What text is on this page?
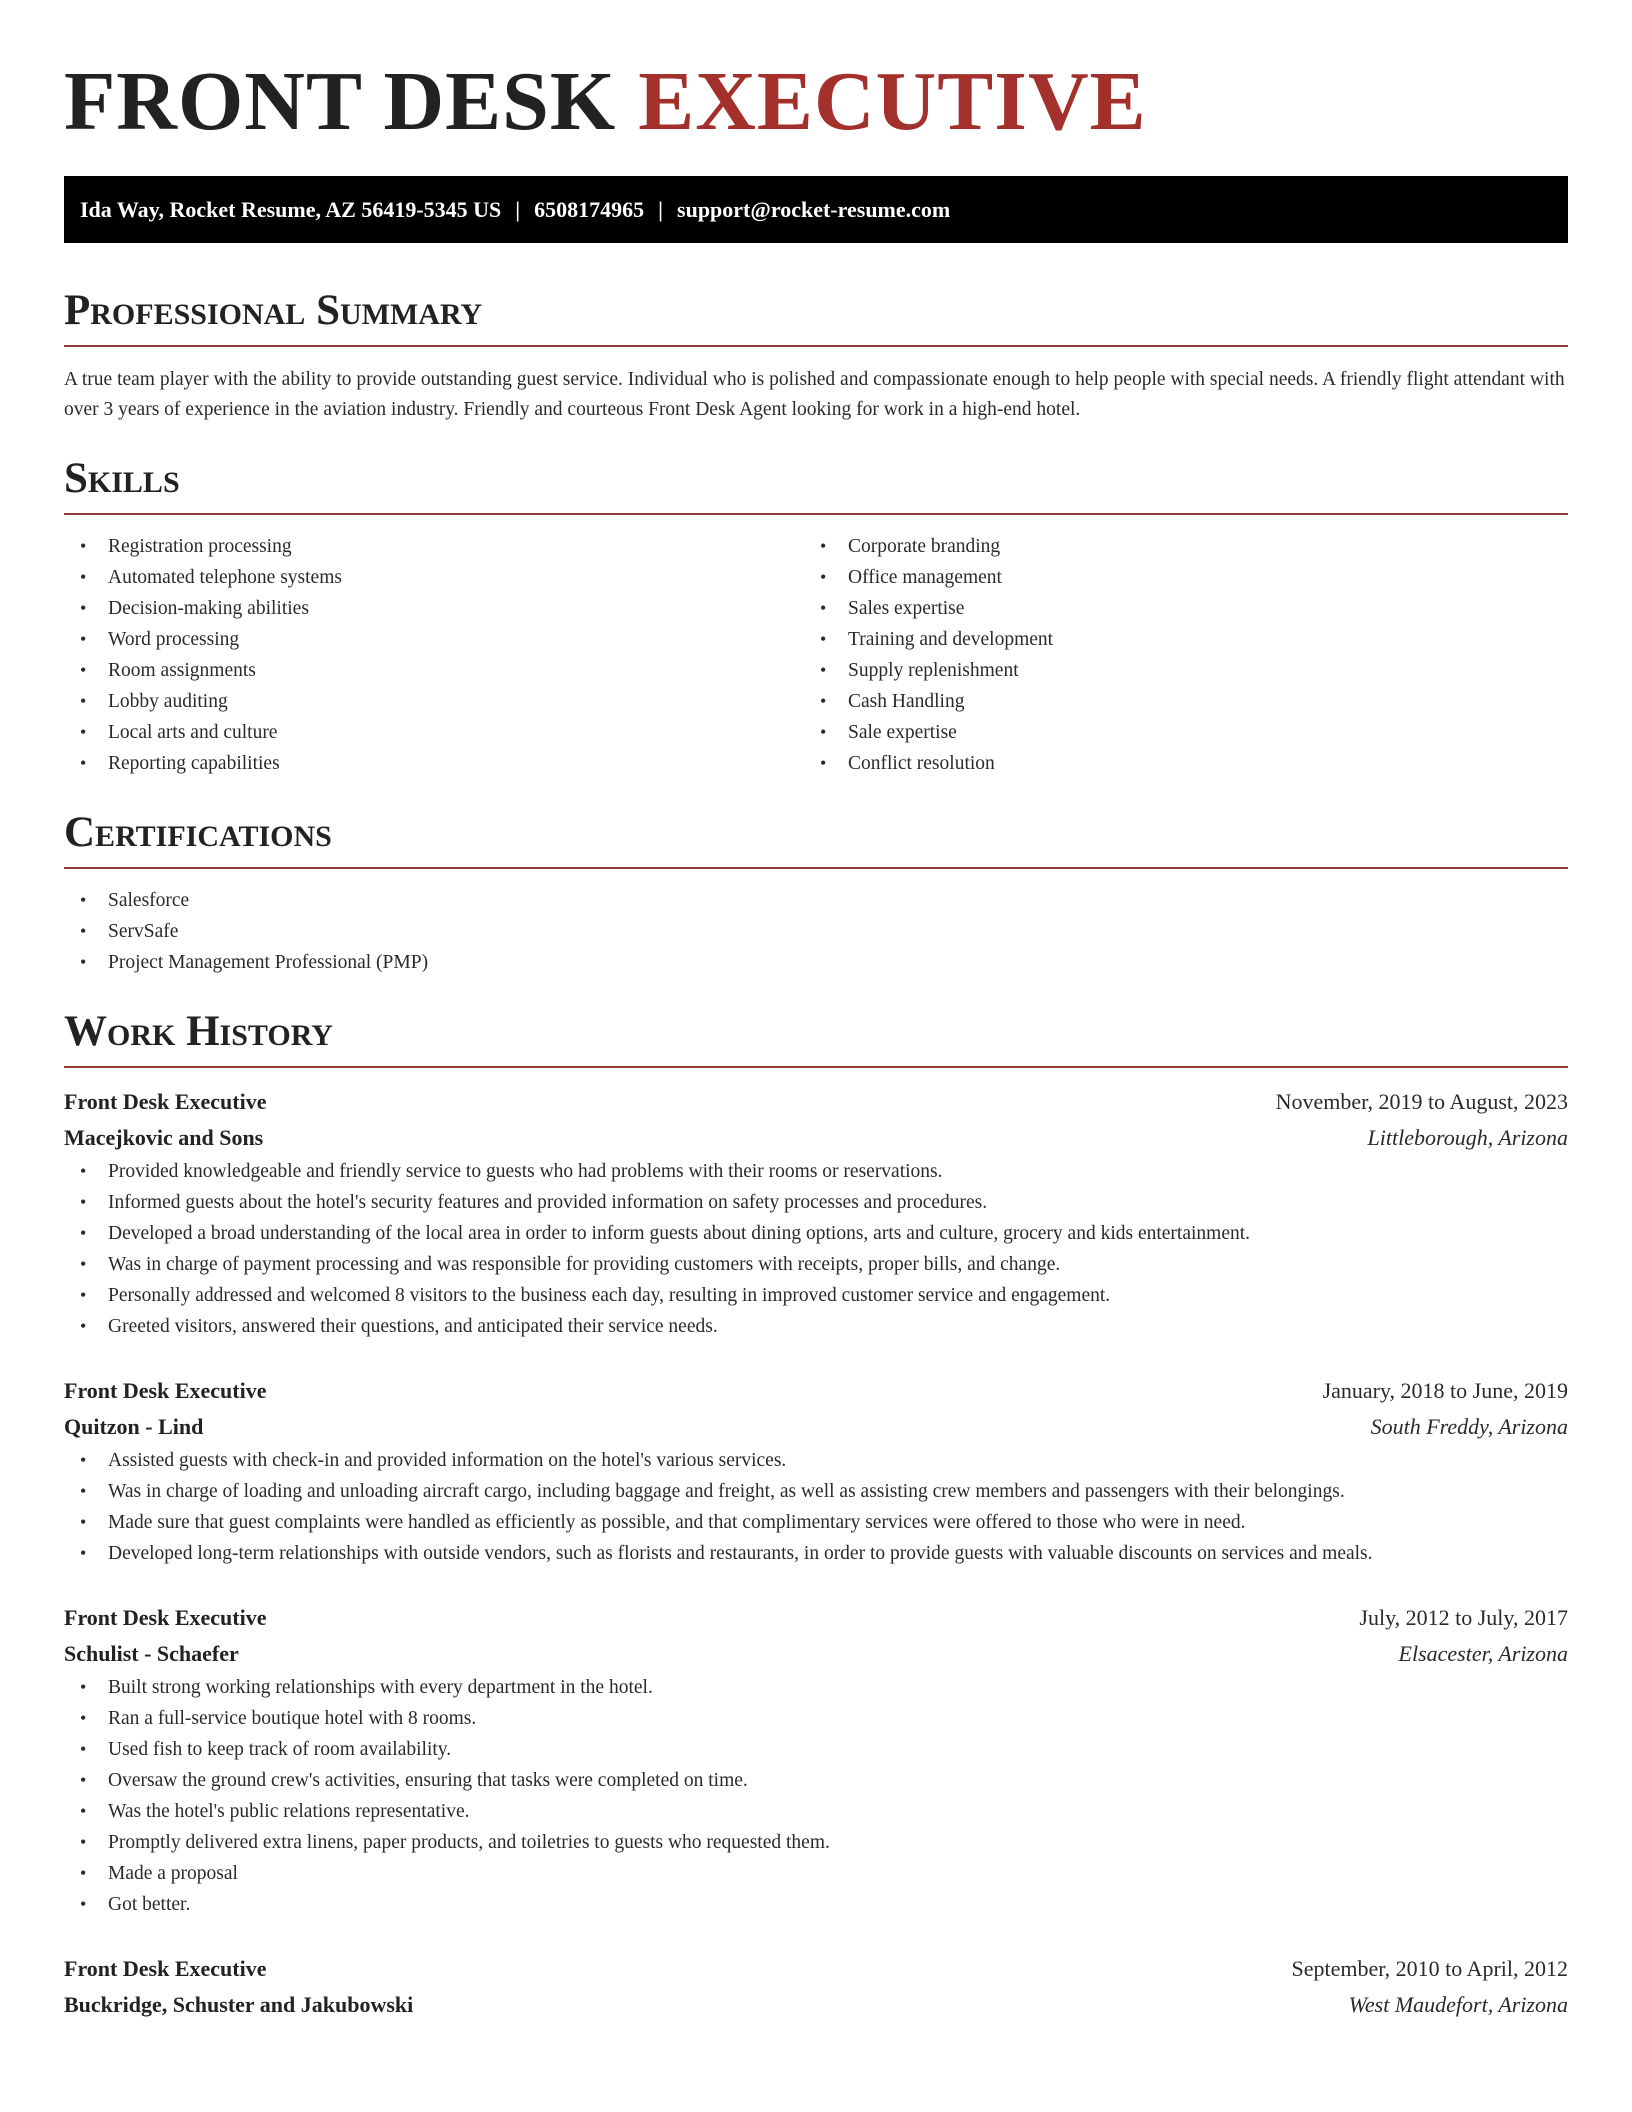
FRONT DESK EXECUTIVE
Ida Way, Rocket Resume, AZ 56419-5345 US | 6508174965 | support@rocket-resume.com
Professional Summary

A true team player with the ability to provide outstanding guest service. Individual who is polished and compassionate enough to help people with special needs. A friendly flight attendant with over 3 years of experience in the aviation industry. Friendly and courteous Front Desk Agent looking for work in a high-end hotel.

Skills
• Registration processing
• Automated telephone systems
• Decision-making abilities
• Word processing
• Room assignments
• Lobby auditing
• Local arts and culture
• Reporting capabilities
• Corporate branding
• Office management
• Sales expertise
• Training and development
• Supply replenishment
• Cash Handling
• Sale expertise
• Conflict resolution
Certifications
• Salesforce
• ServSafe
• Project Management Professional (PMP)
Work History
Front Desk Executive	November, 2019 to August, 2023
Macejkovic and Sons	Littleborough, Arizona
• Provided knowledgeable and friendly service to guests who had problems with their rooms or reservations.
• Informed guests about the hotel's security features and provided information on safety processes and procedures.
• Developed a broad understanding of the local area in order to inform guests about dining options, arts and culture, grocery and kids entertainment.
• Was in charge of payment processing and was responsible for providing customers with receipts, proper bills, and change.
• Personally addressed and welcomed 8 visitors to the business each day, resulting in improved customer service and engagement.
• Greeted visitors, answered their questions, and anticipated their service needs.
Front Desk Executive	January, 2018 to June, 2019
Quitzon - Lind	South Freddy, Arizona
• Assisted guests with check-in and provided information on the hotel's various services.
• Was in charge of loading and unloading aircraft cargo, including baggage and freight, as well as assisting crew members and passengers with their belongings.
• Made sure that guest complaints were handled as efficiently as possible, and that complimentary services were offered to those who were in need.
• Developed long-term relationships with outside vendors, such as florists and restaurants, in order to provide guests with valuable discounts on services and meals.
Front Desk Executive	July, 2012 to July, 2017
Schulist - Schaefer	Elsacester, Arizona
• Built strong working relationships with every department in the hotel.
• Ran a full-service boutique hotel with 8 rooms.
• Used fish to keep track of room availability.
• Oversaw the ground crew's activities, ensuring that tasks were completed on time.
• Was the hotel's public relations representative.
• Promptly delivered extra linens, paper products, and toiletries to guests who requested them.
• Made a proposal
• Got better.
Front Desk Executive	September, 2010 to April, 2012
Buckridge, Schuster and Jakubowski	West Maudefort, Arizona
